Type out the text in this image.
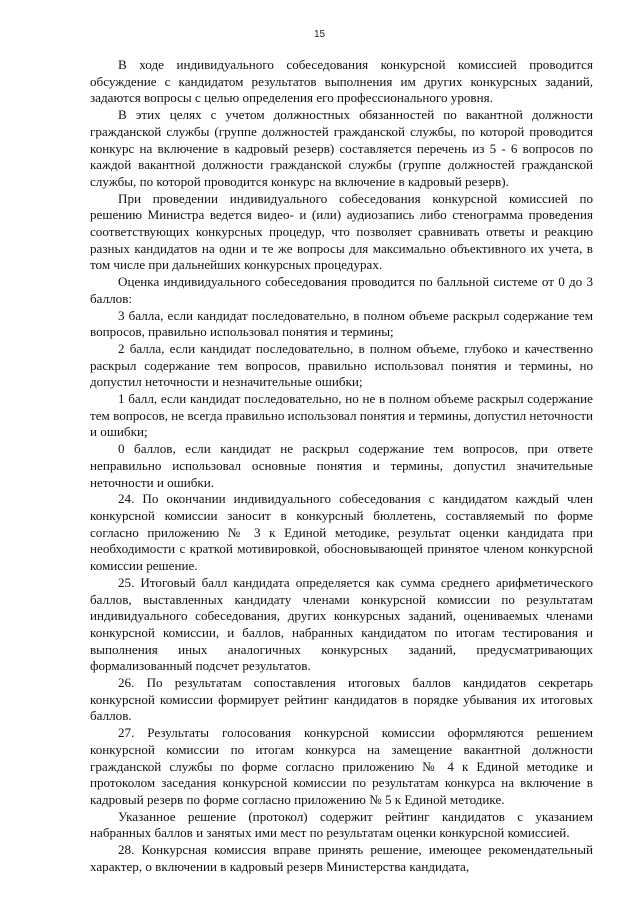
15

В ходе индивидуального собеседования конкурсной комиссией проводится обсуждение с кандидатом результатов выполнения им других конкурсных заданий, задаются вопросы с целью определения его профессионального уровня.

В этих целях с учетом должностных обязанностей по вакантной должности гражданской службы (группе должностей гражданской службы, по которой проводится конкурс на включение в кадровый резерв) составляется перечень из 5 - 6 вопросов по каждой вакантной должности гражданской службы (группе должностей гражданской службы, по которой проводится конкурс на включение в кадровый резерв).

При проведении индивидуального собеседования конкурсной комиссией по решению Министра ведется видео- и (или) аудиозапись либо стенограмма проведения соответствующих конкурсных процедур, что позволяет сравнивать ответы и реакцию разных кандидатов на одни и те же вопросы для максимально объективного их учета, в том числе при дальнейших конкурсных процедурах.

Оценка индивидуального собеседования проводится по балльной системе от 0 до 3 баллов:

3 балла, если кандидат последовательно, в полном объеме раскрыл содержание тем вопросов, правильно использовал понятия и термины;

2 балла, если кандидат последовательно, в полном объеме, глубоко и качественно раскрыл содержание тем вопросов, правильно использовал понятия и термины, но допустил неточности и незначительные ошибки;

1 балл, если кандидат последовательно, но не в полном объеме раскрыл содержание тем вопросов, не всегда правильно использовал понятия и термины, допустил неточности и ошибки;

0 баллов, если кандидат не раскрыл содержание тем вопросов, при ответе неправильно использовал основные понятия и термины, допустил значительные неточности и ошибки.

24. По окончании индивидуального собеседования с кандидатом каждый член конкурсной комиссии заносит в конкурсный бюллетень, составляемый по форме согласно приложению № 3 к Единой методике, результат оценки кандидата при необходимости с краткой мотивировкой, обосновывающей принятое членом конкурсной комиссии решение.

25. Итоговый балл кандидата определяется как сумма среднего арифметического баллов, выставленных кандидату членами конкурсной комиссии по результатам индивидуального собеседования, других конкурсных заданий, оцениваемых членами конкурсной комиссии, и баллов, набранных кандидатом по итогам тестирования и выполнения иных аналогичных конкурсных заданий, предусматривающих формализованный подсчет результатов.

26. По результатам сопоставления итоговых баллов кандидатов секретарь конкурсной комиссии формирует рейтинг кандидатов в порядке убывания их итоговых баллов.

27. Результаты голосования конкурсной комиссии оформляются решением конкурсной комиссии по итогам конкурса на замещение вакантной должности гражданской службы по форме согласно приложению № 4 к Единой методике и протоколом заседания конкурсной комиссии по результатам конкурса на включение в кадровый резерв по форме согласно приложению № 5 к Единой методике.

Указанное решение (протокол) содержит рейтинг кандидатов с указанием набранных баллов и занятых ими мест по результатам оценки конкурсной комиссией.

28. Конкурсная комиссия вправе принять решение, имеющее рекомендательный характер, о включении в кадровый резерв Министерства кандидата,
